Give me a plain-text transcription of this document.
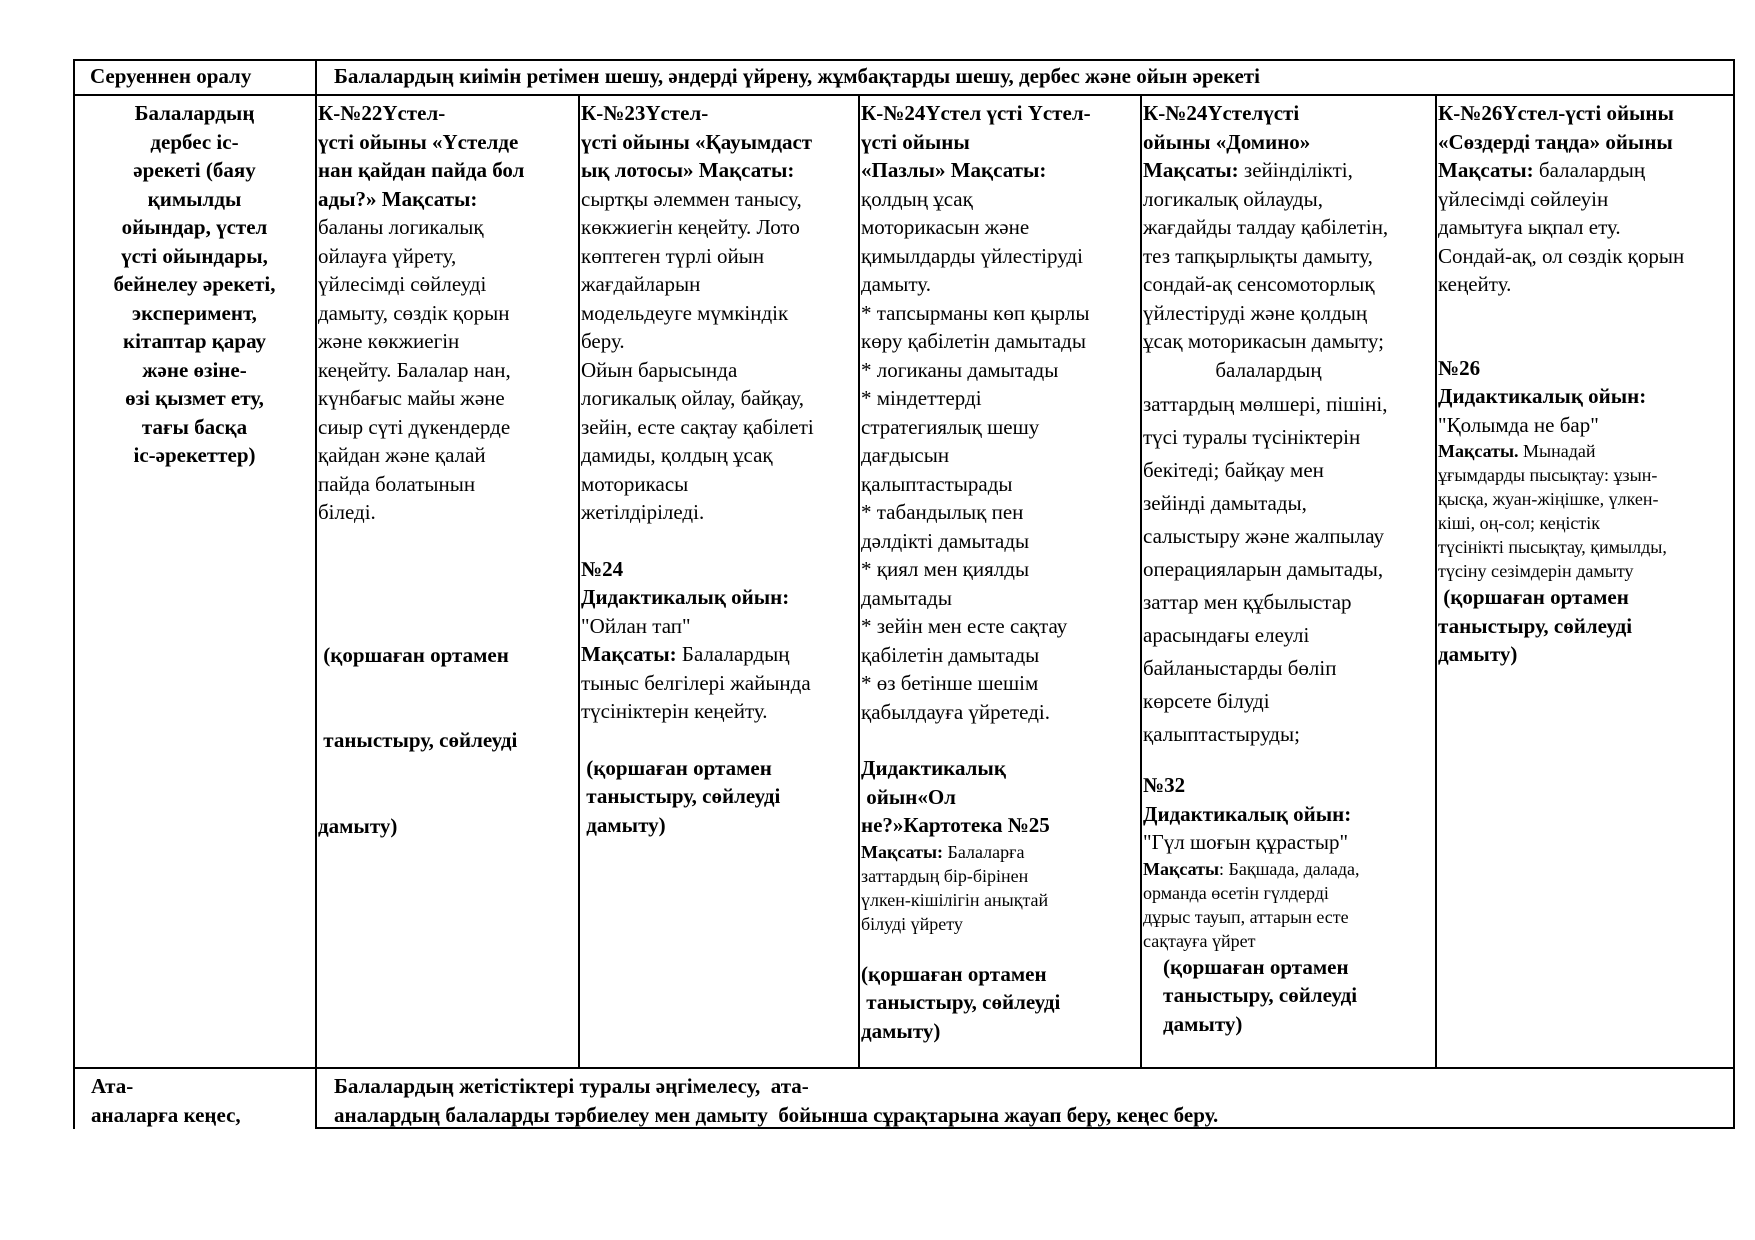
Серуеннен оралу	Балалардың киімін ретімен шешу, әндерді үйрену, жұмбақтарды шешу, дербес және ойын әрекеті
Балалардың
дербес іс-
әрекеті (баяу
қимылды
ойындар, үстел
үсті ойындары,
бейнелеу әрекеті,
эксперимент,
кітаптар қарау
және өзіне-
өзі қызмет ету,
тағы басқа
іс-әрекеттер)
К-№22Үстел-
үсті ойыны «Үстелде
нан қайдан пайда бол
ады?» Мақсаты:
баланы логикалық
ойлауға үйрету,
үйлесімді сөйлеуді
дамыту, сөздік қорын
және көкжиегін
кеңейту. Балалар нан,
күнбағыс майы және
сиыр сүті дүкендерде
қайдан және қалай
пайда болатынын
біледі.

(қоршаған ортамен

таныстыру, сөйлеуді

дамыту)

К-№23Үстел-
үсті ойыны «Қауымдаст
ық лотосы» Мақсаты:
сыртқы әлеммен танысу,
көкжиегін кеңейту. Лото
көптеген түрлі ойын
жағдайларын
модельдеуге мүмкіндік
беру.
Ойын барысында
логикалық ойлау, байқау,
зейін, есте сақтау қабілеті
дамиды, қолдың ұсақ
моторикасы
жетілдіріледі.
№24
Дидактикалық ойын:
"Ойлан тап"
Мақсаты: Балалардың
тыныс белгілері жайында
түсініктерін кеңейту.
(қоршаған ортамен
таныстыру, сөйлеуді
дамыту)
К-№24Үстел үсті Үстел-
үсті ойыны
«Пазлы» Мақсаты:
қолдың ұсақ
моторикасын және
қимылдарды үйлестіруді
дамыту.
* тапсырманы көп қырлы
көру қабілетін дамытады
* логиканы дамытады
* міндеттерді
стратегиялық шешу
дағдысын
қалыптастырады
* табандылық пен
дәлдікті дамытады
* қиял мен қиялды
дамытады
* зейін мен есте сақтау
қабілетін дамытады
* өз бетінше шешім
қабылдауға үйретеді.
Дидактикалық
ойын«Ол
не?»Картотека №25
Мақсаты: Балаларға
заттардың бір-бірінен
үлкен-кішілігін анықтай
білуді үйрету
(қоршаған ортамен
таныстыру, сөйлеуді
дамыту)
К-№24Үстелүсті
ойыны «Домино»
Мақсаты: зейінділікті,
логикалық ойлауды,
жағдайды талдау қабілетін,
тез тапқырлықты дамыту,
сондай-ақ сенсомоторлық
үйлестіруді және қолдың
ұсақ моторикасын дамыту;
балалардың
заттардың мөлшері, пішіні,
түсі туралы түсініктерін
бекітеді; байқау мен
зейінді дамытады,
салыстыру және жалпылау
операцияларын дамытады,
заттар мен құбылыстар
арасындағы елеулі
байланыстарды бөліп
көрсете білуді
қалыптастыруды;
№32
Дидактикалық ойын:
"Гүл шоғын құрастыр"
Мақсаты: Бақшада, далада,
орманда өсетін гүлдерді
дұрыс тауып, аттарын есте
сақтауға үйрет
(қоршаған ортамен
таныстыру, сөйлеуді
дамыту)
К-№26Үстел-үсті ойыны
«Сөздерді таңда» ойыны
Мақсаты: балалардың
үйлесімді сөйлеуін
дамытуға ықпал ету.
Сондай-ақ, ол сөздік қорын
кеңейту.
№26
Дидактикалық ойын:
"Қолымда не бар"
Мақсаты. Мынадай
ұғымдарды пысықтау: ұзын-
қысқа, жуан-жіңішке, үлкен-
кіші, оң-сол; кеңістік
түсінікті пысықтау, қимылды,
түсіну сезімдерін дамыту
(қоршаған ортамен
таныстыру, сөйлеуді
дамыту)
Ата-
аналарға кеңес,
Балалардың жетістіктері туралы әңгімелесу,  ата-
аналардың балаларды тәрбиелеу мен дамыту  бойынша сұрақтарына жауап беру, кеңес беру.
